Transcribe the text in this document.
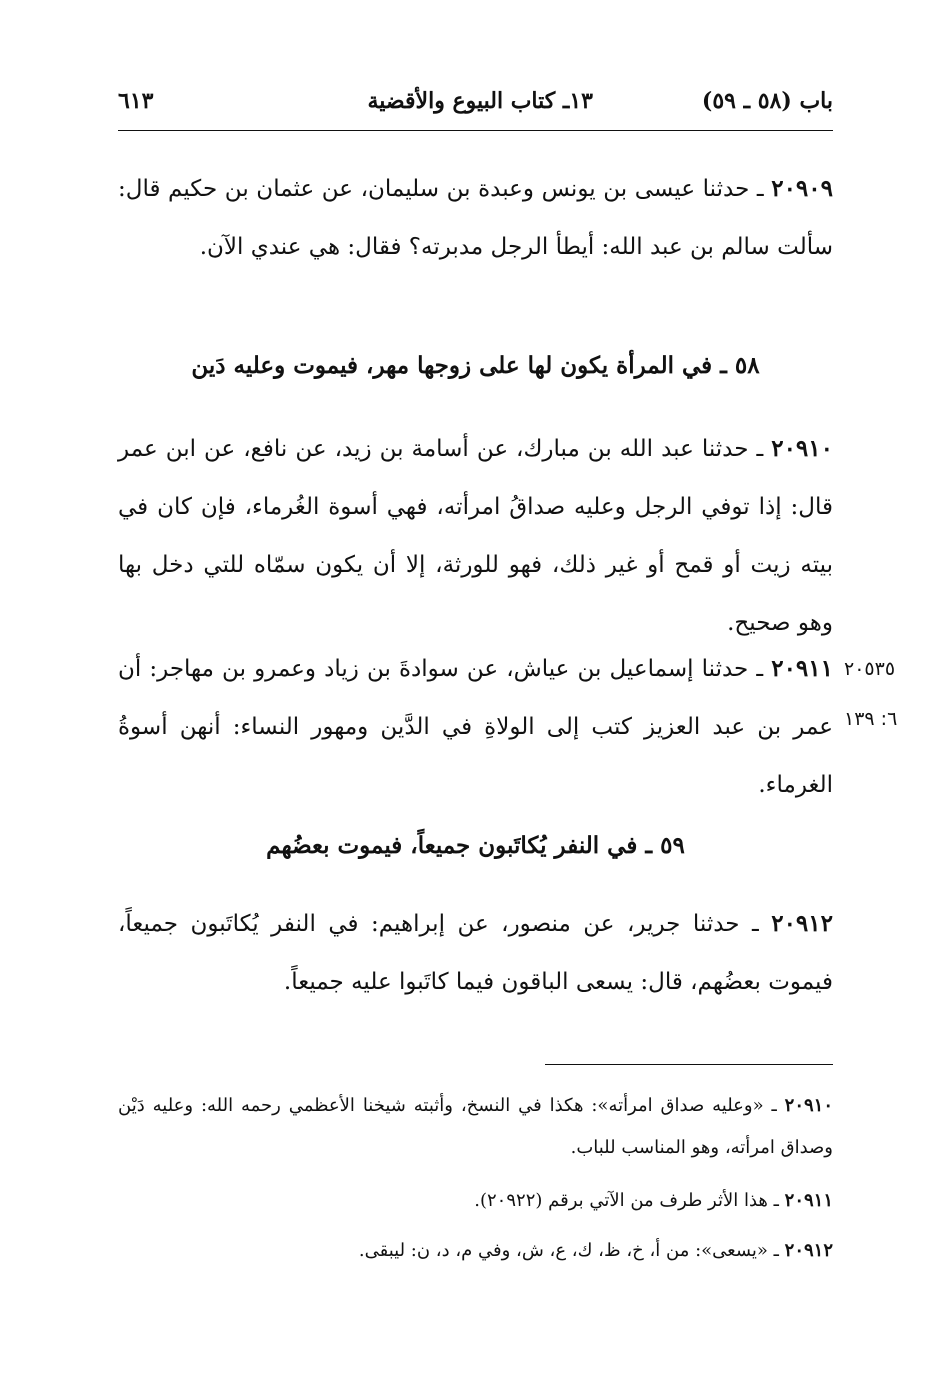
باب (٥٨ ـ ٥٩)
١٣ـ كتاب البيوع والأقضية
٦١٣
٢٠٩٠٩ ـ حدثنا عيسى بن يونس وعبدة بن سليمان، عن عثمان بن حكيم قال: سألت سالم بن عبد الله: أيطأ الرجل مدبرته؟ فقال: هي عندي الآن.
٥٨ ـ في المرأة يكون لها على زوجها مهر، فيموت وعليه دَين
٢٠٩١٠ ـ حدثنا عبد الله بن مبارك، عن أسامة بن زيد، عن نافع، عن ابن عمر قال: إذا توفي الرجل وعليه صداقُ امرأته، فهي أسوة الغُرماء، فإن كان في بيته زيت أو قمح أو غير ذلك، فهو للورثة، إلا أن يكون سمّاه للتي دخل بها وهو صحيح.
٢٠٩١١ ـ حدثنا إسماعيل بن عياش، عن سوادةَ بن زياد وعمرو بن مهاجر: أن عمر بن عبد العزيز كتب إلى الولاةِ في الدَّين ومهور النساء: أنهن أسوةُ الغرماء.
٢٠٥٣٥
٦: ١٣٩
٥٩ ـ في النفر يُكاتَبون جميعاً، فيموت بعضُهم
٢٠٩١٢ ـ حدثنا جرير، عن منصور، عن إبراهيم: في النفر يُكاتَبون جميعاً، فيموت بعضُهم، قال: يسعى الباقون فيما كاتَبوا عليه جميعاً.
٢٠٩١٠ ـ «وعليه صداق امرأته»: هكذا في النسخ، وأثبته شيخنا الأعظمي رحمه الله: وعليه دَيْن وصداق امرأته، وهو المناسب للباب.
٢٠٩١١ ـ هذا الأثر طرف من الآتي برقم (٢٠٩٢٢).
٢٠٩١٢ ـ «يسعى»: من أ، خ، ظ، ك، ع، ش، وفي م، د، ن: ليبقى.
